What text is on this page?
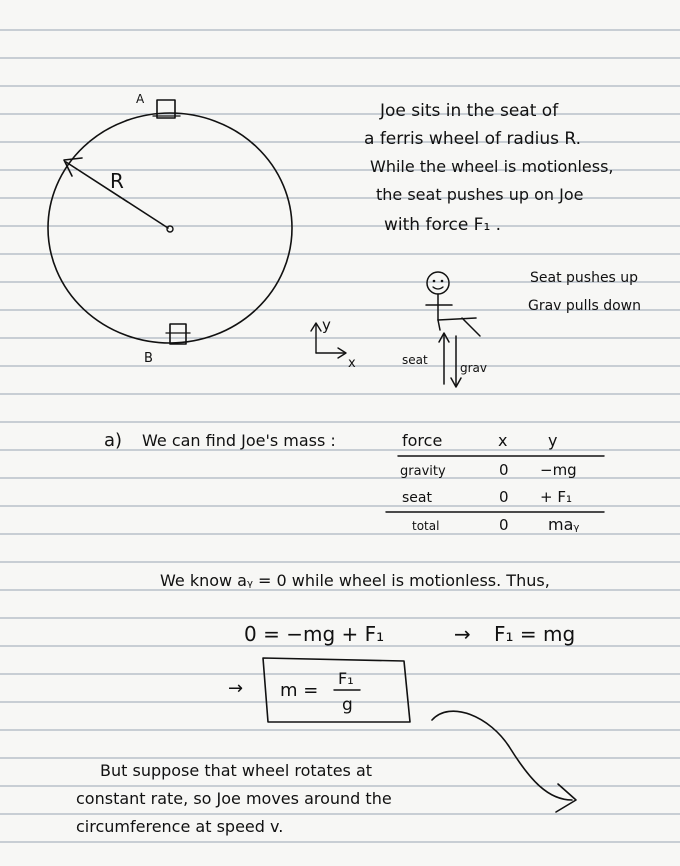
R
A
B
y
x
Joe sits in the seat of
a ferris wheel of radius R.
While the wheel is motionless,
the seat pushes up on Joe
with force F₁ .
seat
grav
Seat pushes up
Grav pulls down
a) We can find Joe's mass :	force	x	y
gravity	0 −mg
seat	0 + F₁
total	0 maᵧ
We know aᵧ = 0 while wheel is motionless. Thus,
0 = −mg + F₁	→ F₁ = mg
→ m =
F₁
g
But suppose that wheel rotates at
constant rate, so Joe moves around the
circumference at speed v.
